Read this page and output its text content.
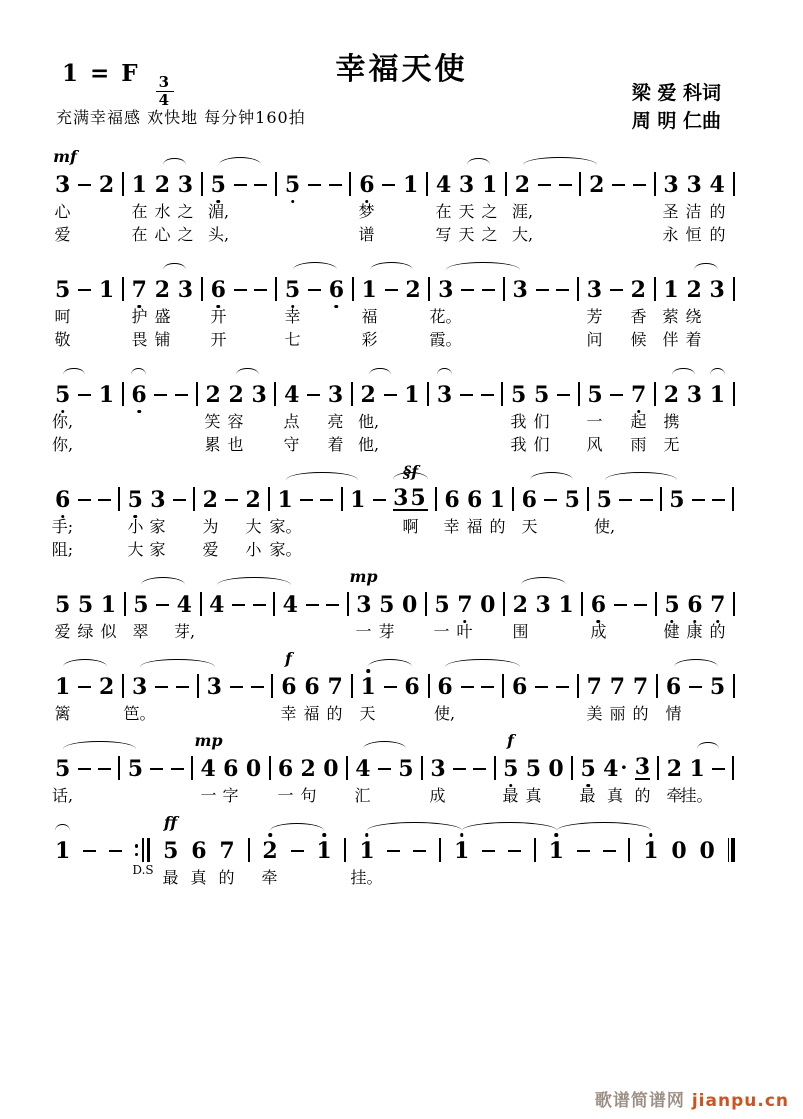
1 = F
$\frac{3}{4}$
幸福天使
梁 爱 科词
周 明 仁曲
充满幸福感 欢快地 每分钟160拍
3 2 1 2 3 5	5	6 1 4 3 1 2	2	3 3 4
心	在 水 之 湄,	梦	在 天 之 涯,	圣 洁 的
爱	在 心 之 头,	谱	写 天 之 大,	永 恒 的
mf
5 1 7 2 3 6	5 6 1 2 3	3	3 2 1 2 3
呵	护 盛 开	幸	福	花。	芳 香 萦 绕
敬	畏 铺 开	七	彩	霞。	问 候 伴 着
5 1 6	2 2 3 4 3 2 1 3	5 5 5 7 2 3 1
你,	笑 容 点 亮 他,	我 们 一 起 携
你,	累 也 守 着 他,	我 们 风 雨 无
6	5 3 2 2 1	1 35 6 6 1 6 5 5	5
手;	小 家 为 大 家。	啊 幸 福 的 天	使,
阻;	大 家 爱 小 家。
§f
5 5 1 5 4 4	4	3 5 0 5 7 0 2 3 1 6	5 6 7
爱 绿 似 翠 芽,	一 芽 一 叶 围	成	健 康 的
mp
1 2 3	3	6 6 7 1 6 6	6	7 7 7 6 5
篱	笆。	幸 福 的 天	使,	美 丽 的 情
f
5	5	4 6 0 6 2 0 4 5 3	5 5 0 5 4 · 3 2 1
话,	一 字 一 句 汇	成	最 真 最 真 的 牵
挂。
mp	f
1	5 6 7 2 1 1	1	1	1 0 0
最 真 的 牵	挂。
ff
D.S
歌谱简谱网 jianpu.cn
